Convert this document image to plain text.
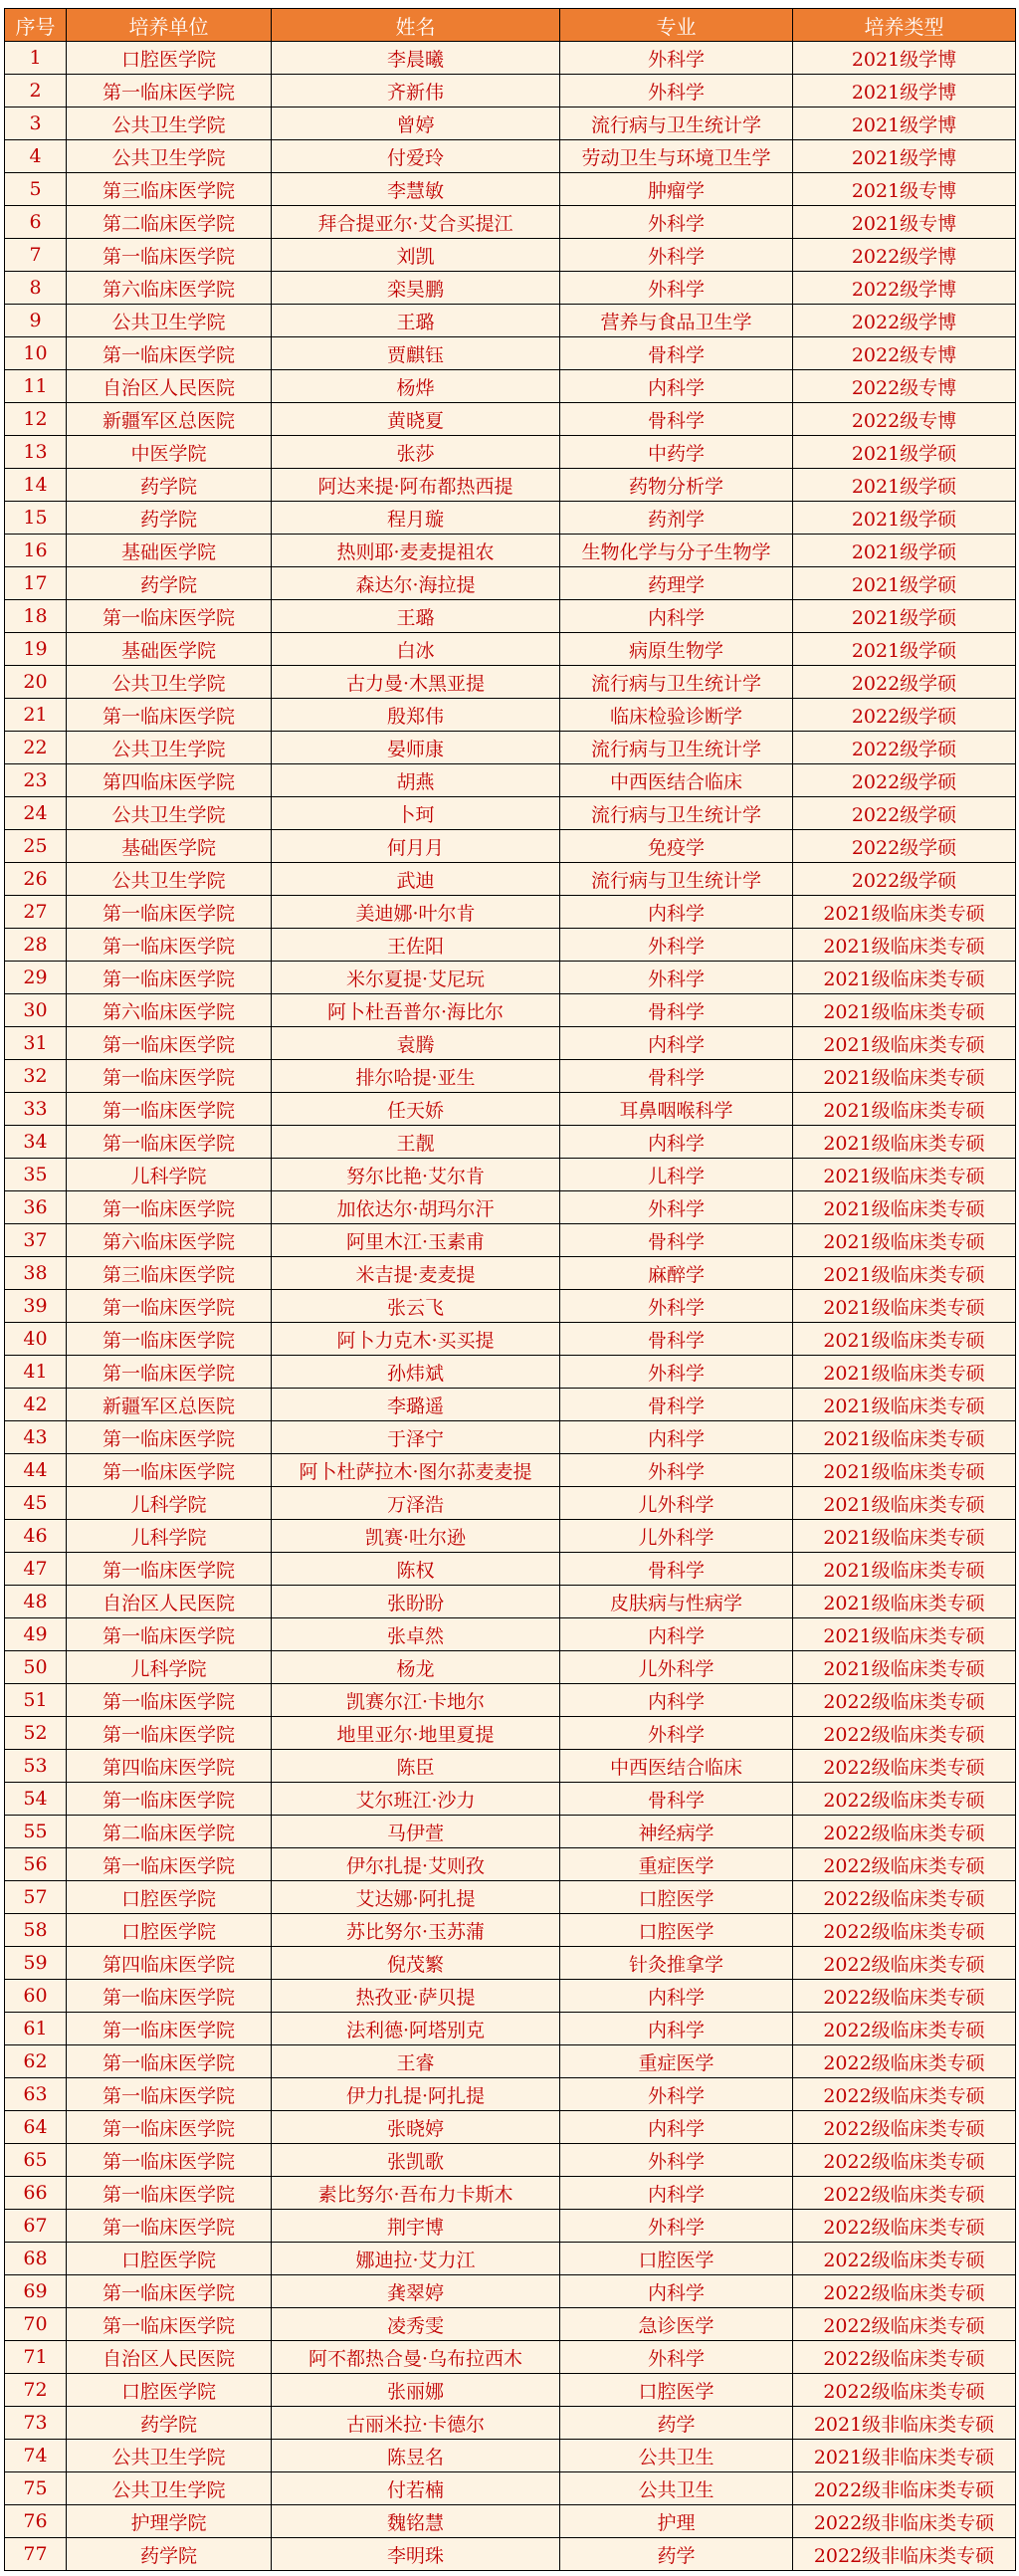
序号	培养单位	姓名	专业	培养类型
1	口腔医学院	李晨曦	外科学	2021级学博
2	第一临床医学院	齐新伟	外科学	2021级学博
3	公共卫生学院	曾婷	流行病与卫生统计学	2021级学博
4	公共卫生学院	付爱玲	劳动卫生与环境卫生学	2021级学博
5	第三临床医学院	李慧敏	肿瘤学	2021级专博
6	第二临床医学院	拜合提亚尔·艾合买提江	外科学	2021级专博
7	第一临床医学院	刘凯	外科学	2022级学博
8	第六临床医学院	栾昊鹏	外科学	2022级学博
9	公共卫生学院	王璐	营养与食品卫生学	2022级学博
10	第一临床医学院	贾麒钰	骨科学	2022级专博
11	自治区人民医院	杨烨	内科学	2022级专博
12	新疆军区总医院	黄晓夏	骨科学	2022级专博
13	中医学院	张莎	中药学	2021级学硕
14	药学院	阿达来提·阿布都热西提	药物分析学	2021级学硕
15	药学院	程月璇	药剂学	2021级学硕
16	基础医学院	热则耶·麦麦提祖农	生物化学与分子生物学	2021级学硕
17	药学院	森达尔·海拉提	药理学	2021级学硕
18	第一临床医学院	王璐	内科学	2021级学硕
19	基础医学院	白冰	病原生物学	2021级学硕
20	公共卫生学院	古力曼·木黑亚提	流行病与卫生统计学	2022级学硕
21	第一临床医学院	殷郑伟	临床检验诊断学	2022级学硕
22	公共卫生学院	晏师康	流行病与卫生统计学	2022级学硕
23	第四临床医学院	胡燕	中西医结合临床	2022级学硕
24	公共卫生学院	卜珂	流行病与卫生统计学	2022级学硕
25	基础医学院	何月月	免疫学	2022级学硕
26	公共卫生学院	武迪	流行病与卫生统计学	2022级学硕
27	第一临床医学院	美迪娜·叶尔肯	内科学	2021级临床类专硕
28	第一临床医学院	王佐阳	外科学	2021级临床类专硕
29	第一临床医学院	米尔夏提·艾尼玩	外科学	2021级临床类专硕
30	第六临床医学院	阿卜杜吾普尔·海比尔	骨科学	2021级临床类专硕
31	第一临床医学院	袁腾	内科学	2021级临床类专硕
32	第一临床医学院	排尔哈提·亚生	骨科学	2021级临床类专硕
33	第一临床医学院	任天娇	耳鼻咽喉科学	2021级临床类专硕
34	第一临床医学院	王靓	内科学	2021级临床类专硕
35	儿科学院	努尔比艳·艾尔肯	儿科学	2021级临床类专硕
36	第一临床医学院	加依达尔·胡玛尔汗	外科学	2021级临床类专硕
37	第六临床医学院	阿里木江·玉素甫	骨科学	2021级临床类专硕
38	第三临床医学院	米吉提·麦麦提	麻醉学	2021级临床类专硕
39	第一临床医学院	张云飞	外科学	2021级临床类专硕
40	第一临床医学院	阿卜力克木·买买提	骨科学	2021级临床类专硕
41	第一临床医学院	孙炜斌	外科学	2021级临床类专硕
42	新疆军区总医院	李璐遥	骨科学	2021级临床类专硕
43	第一临床医学院	于泽宁	内科学	2021级临床类专硕
44	第一临床医学院	阿卜杜萨拉木·图尔荪麦麦提	外科学	2021级临床类专硕
45	儿科学院	万泽浩	儿外科学	2021级临床类专硕
46	儿科学院	凯赛·吐尔逊	儿外科学	2021级临床类专硕
47	第一临床医学院	陈权	骨科学	2021级临床类专硕
48	自治区人民医院	张盼盼	皮肤病与性病学	2021级临床类专硕
49	第一临床医学院	张卓然	内科学	2021级临床类专硕
50	儿科学院	杨龙	儿外科学	2021级临床类专硕
51	第一临床医学院	凯赛尔江·卡地尔	内科学	2022级临床类专硕
52	第一临床医学院	地里亚尔·地里夏提	外科学	2022级临床类专硕
53	第四临床医学院	陈臣	中西医结合临床	2022级临床类专硕
54	第一临床医学院	艾尔班江·沙力	骨科学	2022级临床类专硕
55	第二临床医学院	马伊萱	神经病学	2022级临床类专硕
56	第一临床医学院	伊尔扎提·艾则孜	重症医学	2022级临床类专硕
57	口腔医学院	艾达娜·阿扎提	口腔医学	2022级临床类专硕
58	口腔医学院	苏比努尔·玉苏蒲	口腔医学	2022级临床类专硕
59	第四临床医学院	倪茂繁	针灸推拿学	2022级临床类专硕
60	第一临床医学院	热孜亚·萨贝提	内科学	2022级临床类专硕
61	第一临床医学院	法利德·阿塔别克	内科学	2022级临床类专硕
62	第一临床医学院	王睿	重症医学	2022级临床类专硕
63	第一临床医学院	伊力扎提·阿扎提	外科学	2022级临床类专硕
64	第一临床医学院	张晓婷	内科学	2022级临床类专硕
65	第一临床医学院	张凯歌	外科学	2022级临床类专硕
66	第一临床医学院	素比努尔·吾布力卡斯木	内科学	2022级临床类专硕
67	第一临床医学院	荆宇博	外科学	2022级临床类专硕
68	口腔医学院	娜迪拉·艾力江	口腔医学	2022级临床类专硕
69	第一临床医学院	龚翠婷	内科学	2022级临床类专硕
70	第一临床医学院	凌秀雯	急诊医学	2022级临床类专硕
71	自治区人民医院	阿不都热合曼·乌布拉西木	外科学	2022级临床类专硕
72	口腔医学院	张丽娜	口腔医学	2022级临床类专硕
73	药学院	古丽米拉·卡德尔	药学	2021级非临床类专硕
74	公共卫生学院	陈昱名	公共卫生	2021级非临床类专硕
75	公共卫生学院	付若楠	公共卫生	2022级非临床类专硕
76	护理学院	魏铭慧	护理	2022级非临床类专硕
77	药学院	李明珠	药学	2022级非临床类专硕
